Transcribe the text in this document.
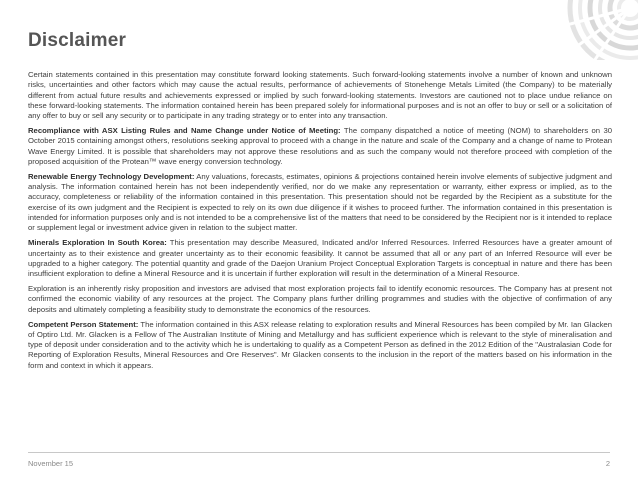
Disclaimer

Certain statements contained in this presentation may constitute forward looking statements. Such forward-looking statements involve a number of known and unknown risks, uncertainties and other factors which may cause the actual results, performance of achievements of Stonehenge Metals Limited (the Company) to be materially different from actual future results and achievements expressed or implied by such forward-looking statements. Investors are cautioned not to place undue reliance on these forward-looking statements. The information contained herein has been prepared solely for informational purposes and is not an offer to buy or sell or a solicitation of any offer to buy or sell any security or to participate in any trading strategy or to enter into any transaction.

Recompliance with ASX Listing Rules and Name Change under Notice of Meeting: The company dispatched a notice of meeting (NOM) to shareholders on 30 October 2015 containing amongst others, resolutions seeking approval to proceed with a change in the nature and scale of the Company and a change of name to Protean Wave Energy Limited. It is possible that shareholders may not approve these resolutions and as such the company would not therefore proceed with completion of the proposed acquisition of the Protean™ wave energy conversion technology.

Renewable Energy Technology Development: Any valuations, forecasts, estimates, opinions & projections contained herein involve elements of subjective judgment and analysis. The information contained herein has not been independently verified, nor do we make any representation or warranty, either express or implied, as to the accuracy, completeness or reliability of the information contained in this presentation. This presentation should not be regarded by the Recipient as a substitute for the exercise of its own judgment and the Recipient is expected to rely on its own due diligence if it wishes to proceed further. The information contained in this presentation is intended for information purposes only and is not intended to be a comprehensive list of the matters that need to be considered by the Recipient nor is it intended to replace or supplement legal or investment advice given in relation to the subject matter.

Minerals Exploration In South Korea: This presentation may describe Measured, Indicated and/or Inferred Resources. Inferred Resources have a greater amount of uncertainty as to their existence and greater uncertainty as to their economic feasibility. It cannot be assumed that all or any part of an Inferred Resource will ever be upgraded to a higher category. The potential quantity and grade of the Daejon Uranium Project Conceptual Exploration Targets is conceptual in nature and there has been insufficient exploration to define a Mineral Resource and it is uncertain if further exploration will result in the determination of a Mineral Resource.

Exploration is an inherently risky proposition and investors are advised that most exploration projects fail to identify economic resources. The Company has at present not confirmed the economic viability of any resources at the project. The Company plans further drilling programmes and studies with the objective of confirmation of any deposits and ultimately completing a feasibility study to demonstrate the economics of the resources.

Competent Person Statement: The information contained in this ASX release relating to exploration results and Mineral Resources has been compiled by Mr. Ian Glacken of Optiro Ltd. Mr. Glacken is a Fellow of The Australian Institute of Mining and Metallurgy and has sufficient experience which is relevant to the style of mineralisation and type of deposit under consideration and to the activity which he is undertaking to qualify as a Competent Person as defined in the 2012 Edition of the "Australasian Code for Reporting of Exploration Results, Mineral Resources and Ore Reserves". Mr Glacken consents to the inclusion in the report of the matters based on his information in the form and context in which it appears.

November 15	2
